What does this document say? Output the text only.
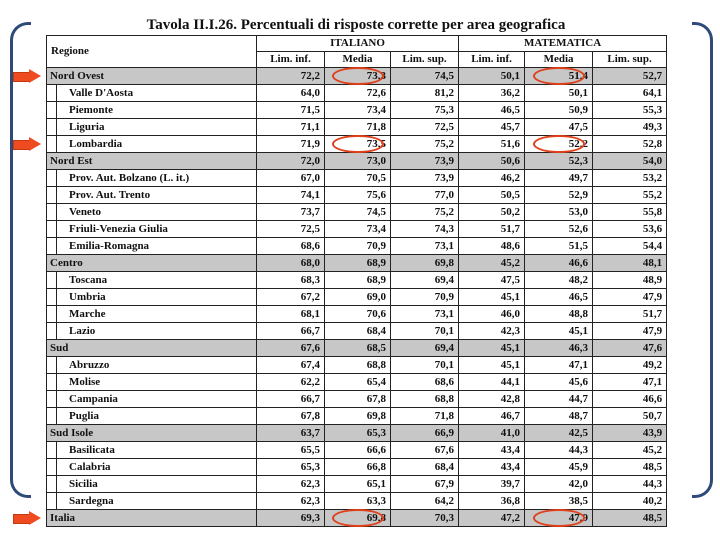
Tavola II.I.26. Percentuali di risposte corrette per area geografica
Regione		ITALIANO			MATEMATICA		
		Lim. inf.	Media	Lim. sup.	Lim. inf.	Media	Lim. sup.
Nord Ovest		72,2	73,3	74,5	50,1	51,4	52,7
	Valle D'Aosta	64,0	72,6	81,2	36,2	50,1	64,1
	Piemonte	71,5	73,4	75,3	46,5	50,9	55,3
	Liguria	71,1	71,8	72,5	45,7	47,5	49,3
	Lombardia	71,9	73,5	75,2	51,6	52,2	52,8
Nord Est		72,0	73,0	73,9	50,6	52,3	54,0
	Prov. Aut. Bolzano (L. it.)	67,0	70,5	73,9	46,2	49,7	53,2
	Prov. Aut. Trento	74,1	75,6	77,0	50,5	52,9	55,2
	Veneto	73,7	74,5	75,2	50,2	53,0	55,8
	Friuli-Venezia Giulia	72,5	73,4	74,3	51,7	52,6	53,6
	Emilia-Romagna	68,6	70,9	73,1	48,6	51,5	54,4
Centro		68,0	68,9	69,8	45,2	46,6	48,1
	Toscana	68,3	68,9	69,4	47,5	48,2	48,9
	Umbria	67,2	69,0	70,9	45,1	46,5	47,9
	Marche	68,1	70,6	73,1	46,0	48,8	51,7
	Lazio	66,7	68,4	70,1	42,3	45,1	47,9
Sud		67,6	68,5	69,4	45,1	46,3	47,6
	Abruzzo	67,4	68,8	70,1	45,1	47,1	49,2
	Molise	62,2	65,4	68,6	44,1	45,6	47,1
	Campania	66,7	67,8	68,8	42,8	44,7	46,6
	Puglia	67,8	69,8	71,8	46,7	48,7	50,7
Sud Isole		63,7	65,3	66,9	41,0	42,5	43,9
	Basilicata	65,5	66,6	67,6	43,4	44,3	45,2
	Calabria	65,3	66,8	68,4	43,4	45,9	48,5
	Sicilia	62,3	65,1	67,9	39,7	42,0	44,3
	Sardegna	62,3	63,3	64,2	36,8	38,5	40,2
Italia		69,3	69,8	70,3	47,2	47,9	48,5
